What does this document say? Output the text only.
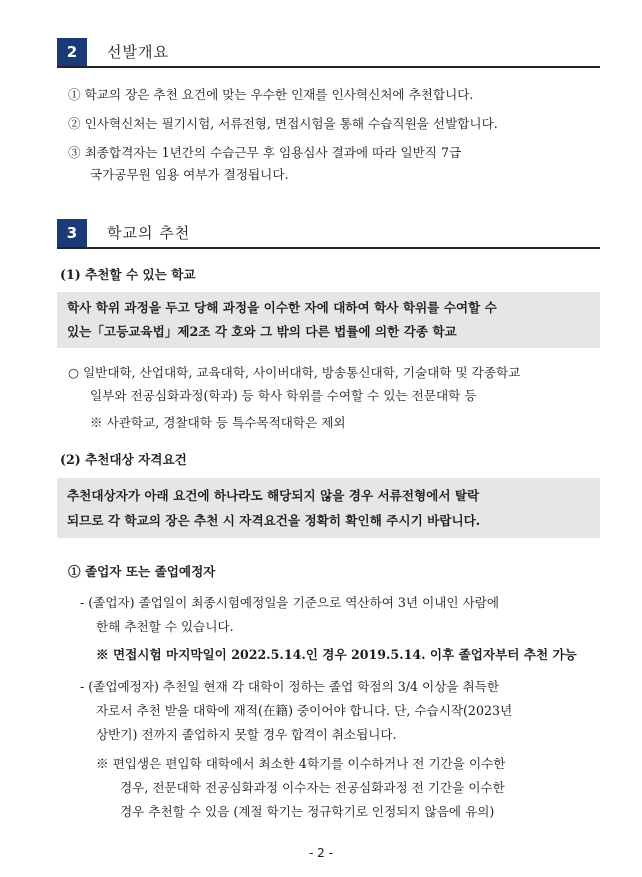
2	선발개요
① 학교의 장은 추천 요건에 맞는 우수한 인재를 인사혁신처에 추천합니다.
② 인사혁신처는 필기시험, 서류전형, 면접시험을 통해 수습직원을 선발합니다.
③ 최종합격자는 1년간의 수습근무 후 임용심사 결과에 따라 일반직 7급
국가공무원 임용 여부가 결정됩니다.
3	학교의 추천
(1) 추천할 수 있는 학교
학사 학위 과정을 두고 당해 과정을 이수한 자에 대하여 학사 학위를 수여할 수
있는「고등교육법」제2조 각 호와 그 밖의 다른 법률에 의한 각종 학교
○ 일반대학, 산업대학, 교육대학, 사이버대학, 방송통신대학, 기술대학 및 각종학교
일부와 전공심화과정(학과) 등 학사 학위를 수여할 수 있는 전문대학 등
※ 사관학교, 경찰대학 등 특수목적대학은 제외
(2) 추천대상 자격요건
추천대상자가 아래 요건에 하나라도 해당되지 않을 경우 서류전형에서 탈락
되므로 각 학교의 장은 추천 시 자격요건을 정확히 확인해 주시기 바랍니다.
① 졸업자 또는 졸업예정자
- (졸업자) 졸업일이 최종시험예정일을 기준으로 역산하여 3년 이내인 사람에
한해 추천할 수 있습니다.
※ 면접시험 마지막일이 2022.5.14.인 경우 2019.5.14. 이후 졸업자부터 추천 가능
- (졸업예정자) 추천일 현재 각 대학이 정하는 졸업 학점의 3/4 이상을 취득한
자로서 추천 받을 대학에 재적(在籍) 중이어야 합니다. 단, 수습시작(2023년
상반기) 전까지 졸업하지 못할 경우 합격이 취소됩니다.
※ 편입생은 편입학 대학에서 최소한 4학기를 이수하거나 전 기간을 이수한
경우, 전문대학 전공심화과정 이수자는 전공심화과정 전 기간을 이수한
경우 추천할 수 있음 (계절 학기는 정규학기로 인정되지 않음에 유의)
- 2 -
